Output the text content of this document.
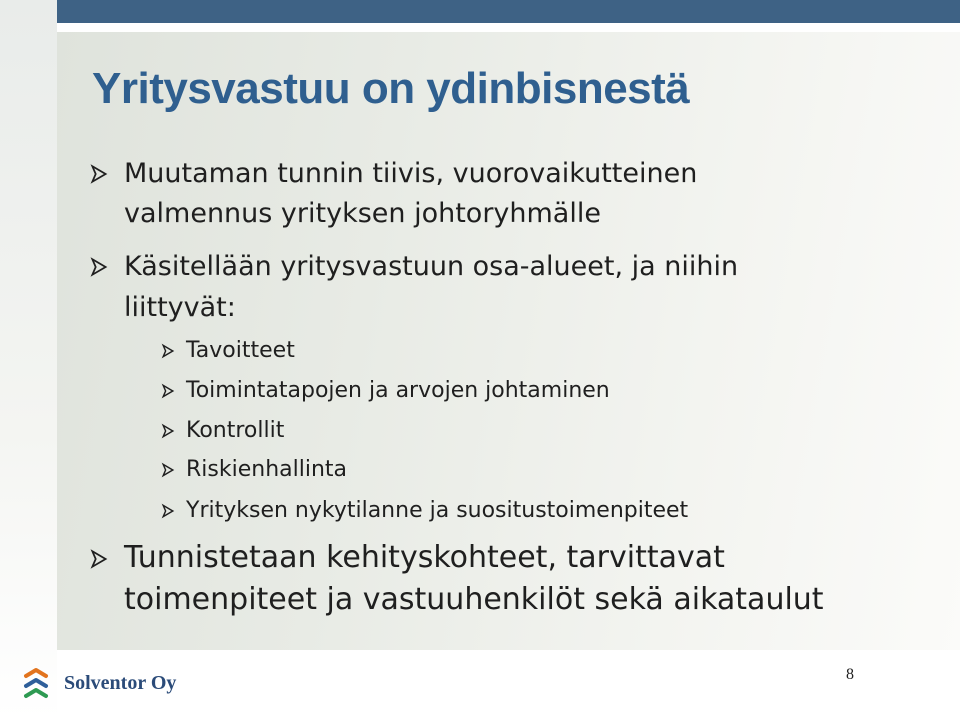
Yritysvastuu on ydinbisnestä
Muutaman tunnin tiivis, vuorovaikutteinen
valmennus yrityksen johtoryhmälle
Käsitellään yritysvastuun osa-alueet, ja niihin
liittyvät:
Tavoitteet
Toimintatapojen ja arvojen johtaminen
Kontrollit
Riskienhallinta
Yrityksen nykytilanne ja suositustoimenpiteet
Tunnistetaan kehityskohteet, tarvittavat
toimenpiteet ja vastuuhenkilöt sekä aikataulut
Solventor Oy	8
